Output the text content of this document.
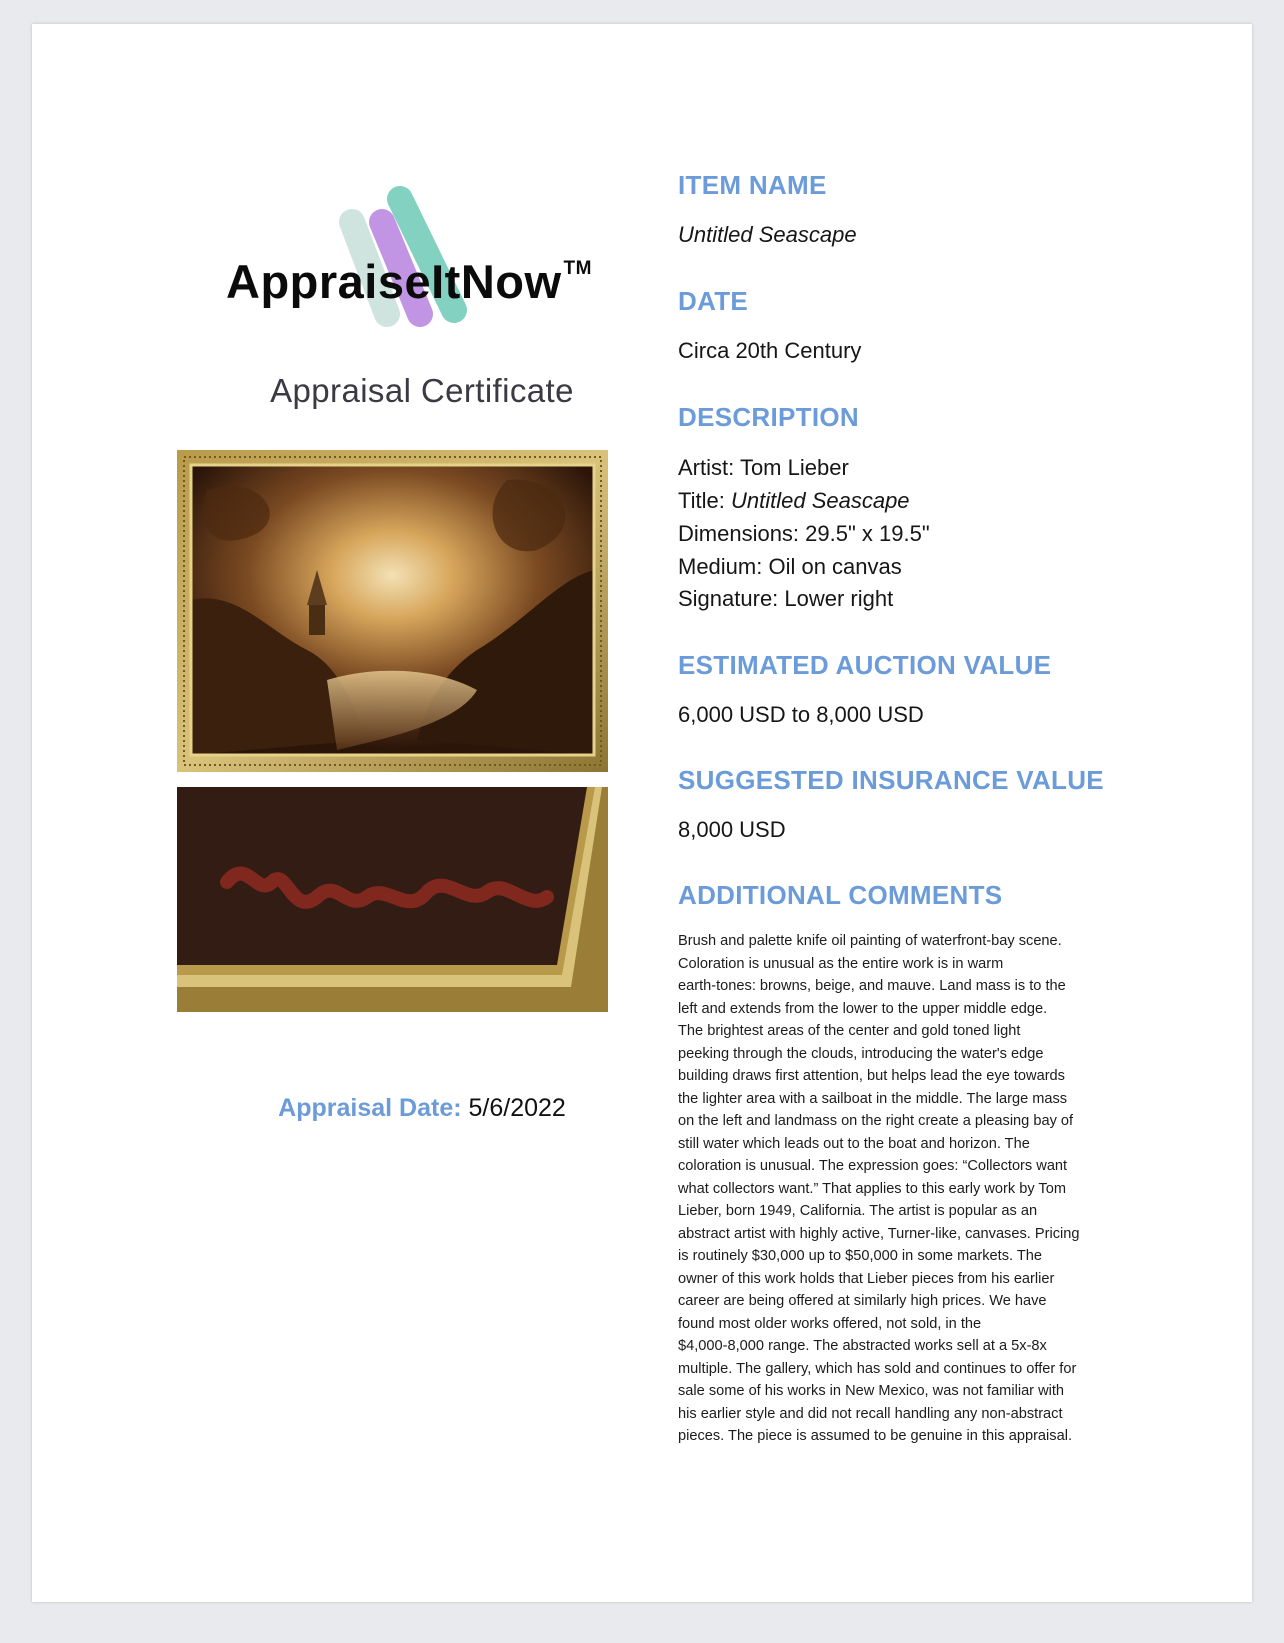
AppraiseItNow ™
Appraisal Certificate
Appraisal Date: 5/6/2022
ITEM NAME
Untitled Seascape
DATE
Circa 20th Century
DESCRIPTION
Artist: Tom Lieber
Title: Untitled Seascape
Dimensions: 29.5" x 19.5"
Medium: Oil on canvas
Signature: Lower right
ESTIMATED AUCTION VALUE
6,000 USD to 8,000 USD
SUGGESTED INSURANCE VALUE
8,000 USD
ADDITIONAL COMMENTS
Brush and palette knife oil painting of waterfront-bay scene.
Coloration is unusual as the entire work is in warm
earth-tones: browns, beige, and mauve. Land mass is to the
left and extends from the lower to the upper middle edge.
The brightest areas of the center and gold toned light
peeking through the clouds, introducing the water's edge
building draws first attention, but helps lead the eye towards
the lighter area with a sailboat in the middle. The large mass
on the left and landmass on the right create a pleasing bay of
still water which leads out to the boat and horizon. The
coloration is unusual. The expression goes: “Collectors want
what collectors want.” That applies to this early work by Tom
Lieber, born 1949, California. The artist is popular as an
abstract artist with highly active, Turner-like, canvases. Pricing
is routinely $30,000 up to $50,000 in some markets. The
owner of this work holds that Lieber pieces from his earlier
career are being offered at similarly high prices. We have
found most older works offered, not sold, in the
$4,000-8,000 range. The abstracted works sell at a 5x-8x
multiple. The gallery, which has sold and continues to offer for
sale some of his works in New Mexico, was not familiar with
his earlier style and did not recall handling any non-abstract
pieces. The piece is assumed to be genuine in this appraisal.
